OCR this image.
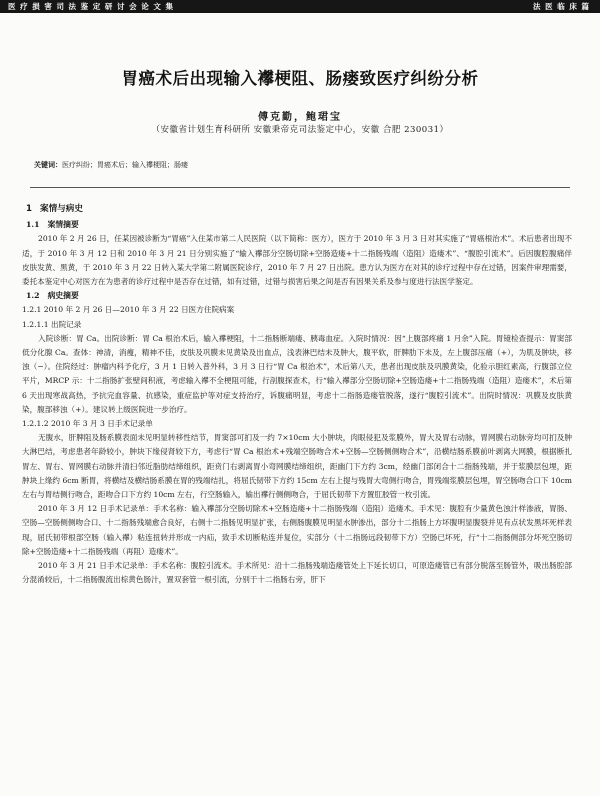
医 疗 损 害 司 法 鉴 定 研 讨 会 论 文 集	法 医 临 床 篇
胃癌术后出现输入襻梗阻、肠瘘致医疗纠纷分析
傅克勤，鲍珺宝
（安徽省计划生育科研所 安徽秉帝克司法鉴定中心，安徽 合肥 230031）
关键词：医疗纠纷；胃癌术后；输入襻梗阻；肠瘘
1 案情与病史
1.1 案情摘要

2010 年 2 月 26 日，任某因被诊断为“胃癌”入住某市第二人民医院（以下简称：医方），医方于 2010 年 3 月 3 日对其实施了“胃癌根治术”。术后患者出现不适，于 2010 年 3 月 12 日和 2010 年 3 月 21 日分别实施了“输入襻部分空肠切除+空肠造瘘+十二指肠残端（造阻）造瘘术”、“腹腔引流术”。后因腹腔腹痛伴皮肤发黄、黑黄，于 2010 年 3 月 22 日转入某大学第二附属医院诊疗，2010 年 7 月 27 日出院。患方认为医方在对其的诊疗过程中存在过错，因案件审理需要，委托本鉴定中心对医方在为患者的诊疗过程中是否存在过错，如有过错，过错与损害后果之间是否有因果关系及参与度进行法医学鉴定。

1.2 病史摘要
1.2.1 2010 年 2 月 26 日—2010 年 3 月 22 日医方住院病案
1.2.1.1 出院记录

入院诊断：胃 Ca。出院诊断：胃 Ca 根治术后，输入襻梗阻，十二指肠断端瘘、胰毒血症。入院时情况：因“上腹部疼痛 1 月余”入院。胃镜检查提示：胃窦部低分化腺 Ca。查体：神清，消瘦，精神不佳，皮肤及巩膜未见黄染及出血点，浅表淋巴结未及肿大，腹平软，肝脾肋下未及，左上腹部压痛（+），为肌及肿块，移浊（−）。住院经过：肿瘤内科予化疗，3 月 1 日转入普外科，3 月 3 日行“胃 Ca 根治术”，术后第八天，患者出现皮肤及巩膜黄染，化验示胆红素高，行腹部立位平片，MRCP 示：十二指肠扩张壁间积液，考虑输入襻不全梗阻可能，行剖腹探查术，行“输入襻部分空肠切除+空肠造瘘+十二指肠残端（造阻）造瘘术”，术后第 6 天出现寒战高热，予抗完血容量、抗感染，重症监护等对症支持治疗，诉腹痛明显，考虑十二指肠造瘘管脱落，遂行“腹腔引流术”。出院时情况：巩膜及皮肤黄染，腹部移浊（+）。建议转上级医院进一步治疗。

1.2.1.2 2010 年 3 月 3 日手术记录单

无腹水，肝脾阻及肠系膜表面未见明显转移性结节，胃窦部可扪及一约 7×10cm 大小肿块，肉眼侵犯及浆膜外，胃大及胃右动脉，胃网膜右动脉旁均可扪及肿大淋巴结，考虑患者年龄较小，肿块下缘侵肾较下方，考虑行“胃 Ca 根治术+残端空肠吻合术+空肠—空肠侧侧吻合术”，沿横结肠系膜前叶剥离大网膜，根据断扎胃左、胃右、胃网膜右动脉并清扫邻近脂肪结缔组织，距贲门右剥离胃小弯网膜结缔组织，距幽门下方约 3cm，经幽门部闭合十二指肠残端，并于浆膜层包埋，距肿块上缘约 6cm 断胃，将横结及横结肠系膜在胃的残端结扎，将屈氏韧带下方约 15cm 左右上提与残胃大弯侧行吻合，胃残端浆膜层包埋，胃空肠吻合口下 10cm 左右与胃结侧行吻合，距吻合口下方约 10cm 左右，行空肠输入，输出襻行侧侧吻合，于屈氏韧带下方置肛胶管一枚引流。

2010 年 3 月 12 日手术记录单：手术名称：输入襻部分空肠切除术+空肠造瘘+十二指肠残端（造阻）造瘘术。手术见：腹腔有少量黄色浊汁样渗液，胃肠、空肠—空肠侧侧吻合口、十二指肠残端愈合良好，右侧十二指肠见明显扩张，右侧肠腹膜见明显水肿渗出，部分十二指肠上方坏腹明显腹裂并见有点状发黑坏死样表现，屈氏韧带根部空肠（输入襻）粘连扭转并形成一内疝，致手术切断粘连并复位，实部分（十二指肠远段韧带下方）空肠已坏死，行“十二指肠侧部分坏死空肠切除+空肠造瘘+十二指肠残端（再阻）造瘘术”。

2010 年 3 月 21 日手术记录单：手术名称：腹腔引流术。手术所见：沿十二指肠残端造瘘管处上下延长切口，可原造瘘管已有部分脱落至肠管外，吸出肠腔部分混淆较后，十二指肠腹流出棕黄色肠汁，置双套管一根引流，分别于十二指肠右旁，肝下
